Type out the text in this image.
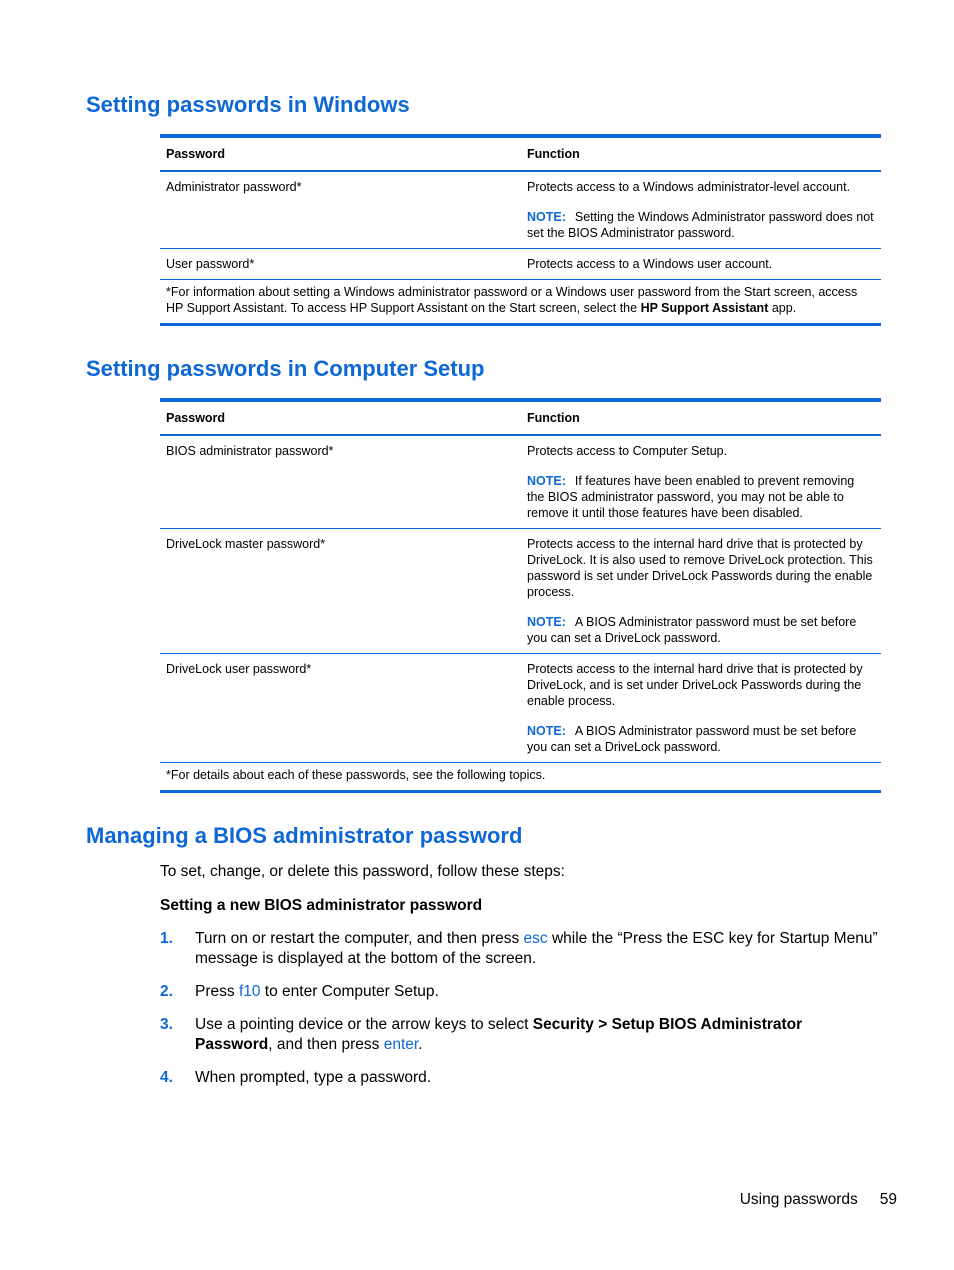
Setting passwords in Windows
Password	Function
Administrator password*	Protects access to a Windows administrator-level account.
NOTE: Setting the Windows Administrator password does not set the BIOS Administrator password.
User password*	Protects access to a Windows user account.
*For information about setting a Windows administrator password or a Windows user password from the Start screen, access HP Support Assistant. To access HP Support Assistant on the Start screen, select the HP Support Assistant app.
Setting passwords in Computer Setup
Password	Function
BIOS administrator password*	Protects access to Computer Setup.
NOTE: If features have been enabled to prevent removing the BIOS administrator password, you may not be able to remove it until those features have been disabled.
DriveLock master password*	Protects access to the internal hard drive that is protected by DriveLock. It is also used to remove DriveLock protection. This password is set under DriveLock Passwords during the enable process.
NOTE: A BIOS Administrator password must be set before you can set a DriveLock password.
DriveLock user password*	Protects access to the internal hard drive that is protected by DriveLock, and is set under DriveLock Passwords during the enable process.
NOTE: A BIOS Administrator password must be set before you can set a DriveLock password.
*For details about each of these passwords, see the following topics.
Managing a BIOS administrator password
To set, change, or delete this password, follow these steps:
Setting a new BIOS administrator password
1.	Turn on or restart the computer, and then press esc while the “Press the ESC key for Startup Menu” message is displayed at the bottom of the screen.
2.	Press f10 to enter Computer Setup.
3.	Use a pointing device or the arrow keys to select Security > Setup BIOS Administrator Password, and then press enter.
4.	When prompted, type a password.
Using passwords 59
